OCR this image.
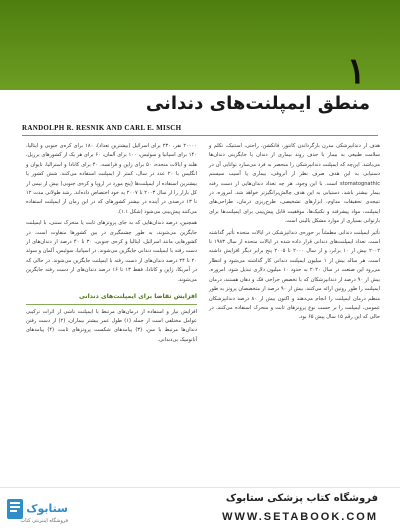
۱
منطق ایمپلنت‌های دندانی
RANDOLPH R. RESNIK AND CARL E. MISCH

هدف از دندانپزشکی مدرن بازگرداندن کانتور، فانکشن، راحتی، استتیک، تکلم و سلامت طبیعی به بیمار با حذف روند بیماری از دندان یا جایگزینی دندان‌ها می‌باشد. این‌چه که ایمپلنت دندانپزشکی را منحصر به فرد می‌سازد توانایی آن در دستیابی به این هدف صرف نظر از آتروفی، بیماری یا آسیب سیستم stomatognathic است. با این وجود، هر چه تعداد دندان‌هایی از دست رفته بیمار بیشتر باشد، دستیابی به این هدف چالش‌برانگیزتر خواهد شد. امروزه، در نتیجه‌ی تحقیقات مداوم، ابزارهای تشخیصی، طرح‌ریزی درمان، طراحی‌های ایمپلنت، مواد پیشرفته و تکنیک‌ها، موفقیت قابل پیش‌بینی برای ایمپلنت‌ها برای بازتوانی بسیاری از موارد مشکل بالینی است.

تأثیر ایمپلنت دندانی مطمئناً بر حوزه‌ی دندانپزشکی در ایالات متحده تأثیر گذاشته است. تعداد ایمپلنت‌های دندانی قرار داده شده در ایالات متحده از سال ۱۹۸۳ تا ۲۰۰۲ بیش از ۱۰ برابر، و از سال ۲۰۰۰ تا ۲۰۰۵ پنج برابر دیگر افزایش داشته است. هر ساله بیش از ۱ میلیون ایمپلنت دندانی کار گذاشته می‌شود و انتظار می‌رود این صنعت در سال ۲۰۲۰ به حدود ۱۰ میلیون دلاری تبدیل شود. امروزه، بیش از ۹۰ درصد از دندانپزشکان که با تخصص جراحی فک و دهان هستند، درمان ایمپلنت را طور روتین ارائه می‌کنند. بیش از ۹۰ درصد از متخصصان پروتز به طور منظم درمان ایمپلنت را انجام می‌دهند و اکنون بیش از ۸۰ درصد دندانپزشکان عمومی، ایمپلنت را بر حسب نوع پروتزهای ثابت و متحرک استفاده می‌کنند، در حالی که این رقم ۱۵ سال پیش ۶۵ بود.

۲۰۰۰۰ نفر، ۲۳۰ برای اسرائیل (بیشترین تعداد)، ۱۸۰ برای کره‌ی جنوبی و ایتالیا، ۱۴۰ برای اسپانیا و سوئیس، ۱۰۰ برای آلمان، ۶۰ برای هر یک از کشورهای برزیل، هلند و ایالات متحده، ۵۰ برای ژاپن و فرانسه، ۴۰ برای کانادا و استرالیا، تایوان و انگلیس با ۲۰ عدد در سال، کمتر از ایمپلنت استفاده می‌کنند. شش کشور با بیشترین استفاده از ایمپلنت‌ها (پنج مورد در اروپا و کره‌ی جنوبی) بیش از نیمی از کل بازار را از سال ۲۰۰۳ تا ۲۰۰۷ به خود اختصاص داده‌اند. رشد طولانی مدت ۱۲ تا ۱۳ درصدی در آینده در بیشتر کشورهای که در این زمان از ایمپلنت استفاده می‌کنند پیش‌بینی می‌شود (شکل ۱.۱).

همچنین، درصد دندان‌هایی که به جای پروتزهای ثابت یا متحرک سنتی، با ایمپلنت جایگزین می‌شوند، به طور چشمگیری در بین کشورها متفاوت است. در کشورهایی مانند اسرائیل، ایتالیا و کره‌ی جنوبی، ۳۰ تا ۴۰ درصد از دندان‌های از دست رفته با ایمپلنت دندانی جایگزین می‌شوند. در اسپانیا، سوئیس، آلمان و سوئد ۲۰ تا ۲۴ درصد دندان‌های از دست رفته با ایمپلنت جایگزین می‌شوند. در حالی که در آمریکا، ژاپن و کانادا، فقط ۱۳ تا ۱۶ درصد دندان‌های از دست رفته جایگزین می‌شوند.

افزایش تقاضا برای ایمپلنت‌های دندانی

افزایش نیاز و استفاده از درمان‌های مرتبط با ایمپلنت ناشی از اثرات ترکیبی عوامل مختلفی است از جمله (۱) طول عمر بیشتر بیماران، (۲) از دست رفتن دندان‌ها مرتبط با سن، (۳) پیامدهای شکست پروتزهای ثابت، (۴) پیامدهای آناتومیک بی‌دندانی.

ستابوک
فروشگاه اینترنتی کتاب
فروشگاه کتاب پزشکی ستابوک
WWW.SETABOOK.COM
